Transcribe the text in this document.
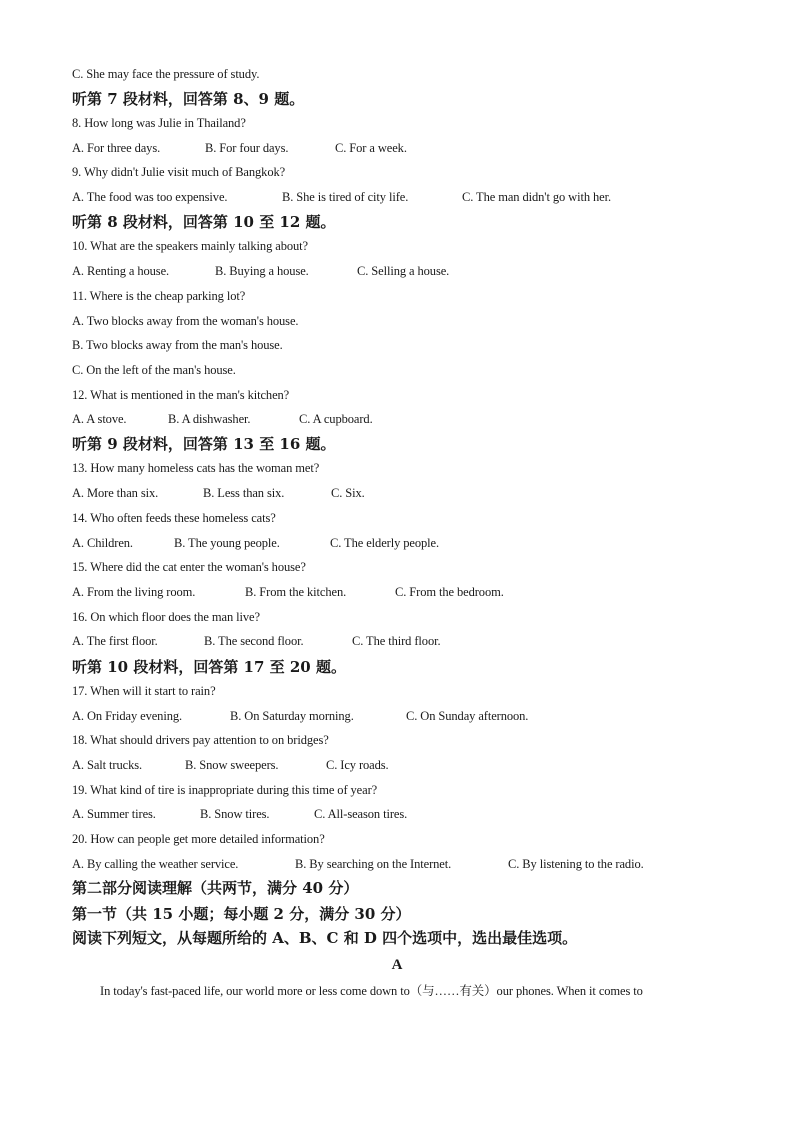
C. She may face the pressure of study.
听第 7 段材料，回答第 8、9 题。
8. How long was Julie in Thailand?
A. For three days.	B. For four days.	C. For a week.
9. Why didn't Julie visit much of Bangkok?
A. The food was too expensive.	B. She is tired of city life.	C. The man didn't go with her.
听第 8 段材料，回答第 10 至 12 题。
10. What are the speakers mainly talking about?
A. Renting a house.	B. Buying a house.	C. Selling a house.
11. Where is the cheap parking lot?
A. Two blocks away from the woman's house.
B. Two blocks away from the man's house.
C. On the left of the man's house.
12. What is mentioned in the man's kitchen?
A. A stove.	B. A dishwasher.	C. A cupboard.
听第 9 段材料，回答第 13 至 16 题。
13. How many homeless cats has the woman met?
A. More than six.	B. Less than six.	C. Six.
14. Who often feeds these homeless cats?
A. Children.	B. The young people.	C. The elderly people.
15. Where did the cat enter the woman's house?
A. From the living room.	B. From the kitchen.	C. From the bedroom.
16. On which floor does the man live?
A. The first floor.	B. The second floor.	C. The third floor.
听第 10 段材料，回答第 17 至 20 题。
17. When will it start to rain?
A. On Friday evening.	B. On Saturday morning.	C. On Sunday afternoon.
18. What should drivers pay attention to on bridges?
A. Salt trucks.	B. Snow sweepers.	C. Icy roads.
19. What kind of tire is inappropriate during this time of year?
A. Summer tires.	B. Snow tires.	C. All-season tires.
20. How can people get more detailed information?
A. By calling the weather service.	B. By searching on the Internet.	C. By listening to the radio.
第二部分阅读理解（共两节，满分 40 分）
第一节（共 15 小题；每小题 2 分，满分 30 分）
阅读下列短文，从每题所给的 A、B、C 和 D 四个选项中，选出最佳选项。
A
In today's fast-paced life, our world more or less come down to（与……有关）our phones. When it comes to
